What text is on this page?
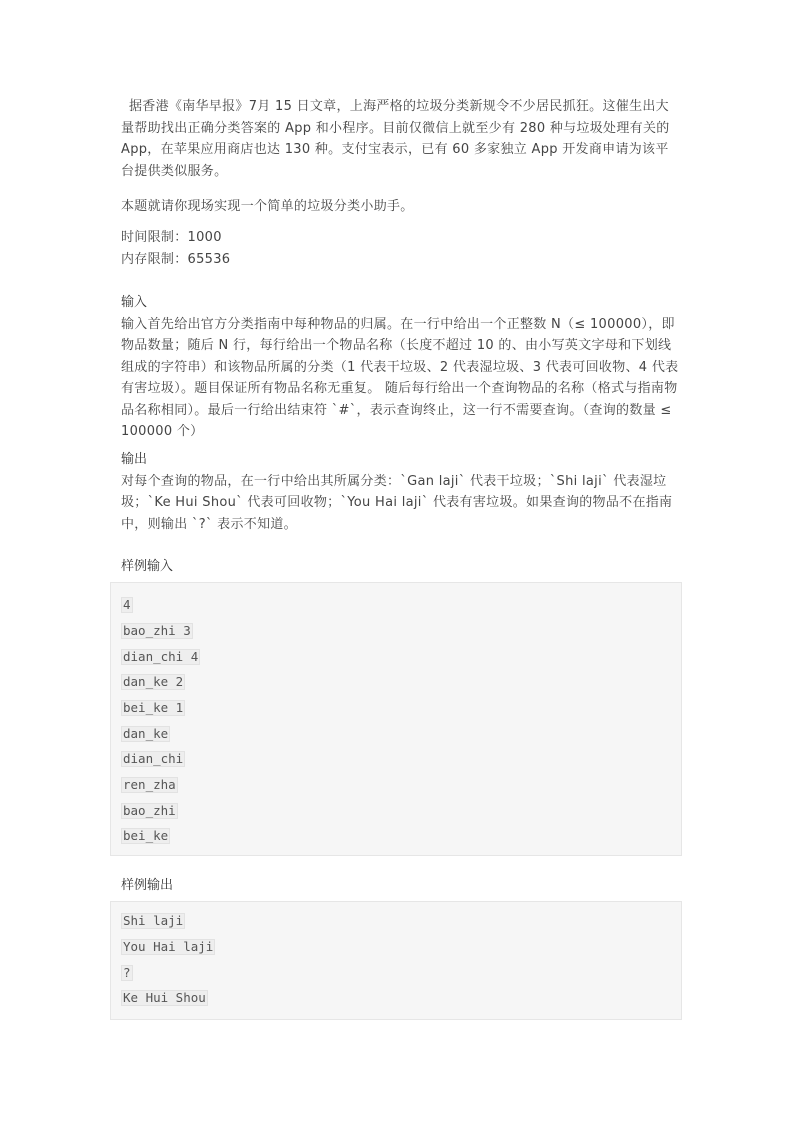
据香港《南华早报》7月 15 日文章，上海严格的垃圾分类新规令不少居民抓狂。这催生出大量帮助找出正确分类答案的 App 和小程序。目前仅微信上就至少有 280 种与垃圾处理有关的 App，在苹果应用商店也达 130 种。支付宝表示，已有 60 多家独立 App 开发商申请为该平台提供类似服务。

本题就请你现场实现一个简单的垃圾分类小助手。

时间限制：1000
内存限制：65536
输入

输入首先给出官方分类指南中每种物品的归属。在一行中给出一个正整数 N（≤ 100000），即物品数量；随后 N 行，每行给出一个物品名称（长度不超过 10 的、由小写英文字母和下划线组成的字符串）和该物品所属的分类（1 代表干垃圾、2 代表湿垃圾、3 代表可回收物、4 代表有害垃圾）。题目保证所有物品名称无重复。 随后每行给出一个查询物品的名称（格式与指南物品名称相同）。最后一行给出结束符 `#`，表示查询终止，这一行不需要查询。（查询的数量 ≤ 100000 个）

输出

对每个查询的物品，在一行中给出其所属分类：`Gan laji` 代表干垃圾；`Shi laji` 代表湿垃圾；`Ke Hui Shou` 代表可回收物；`You Hai laji` 代表有害垃圾。如果查询的物品不在指南中，则输出 `?` 表示不知道。

样例输入
4
bao_zhi 3
dian_chi 4
dan_ke 2
bei_ke 1
dan_ke
dian_chi
ren_zha
bao_zhi
bei_ke
样例输出
Shi laji
You Hai laji
?
Ke Hui Shou
